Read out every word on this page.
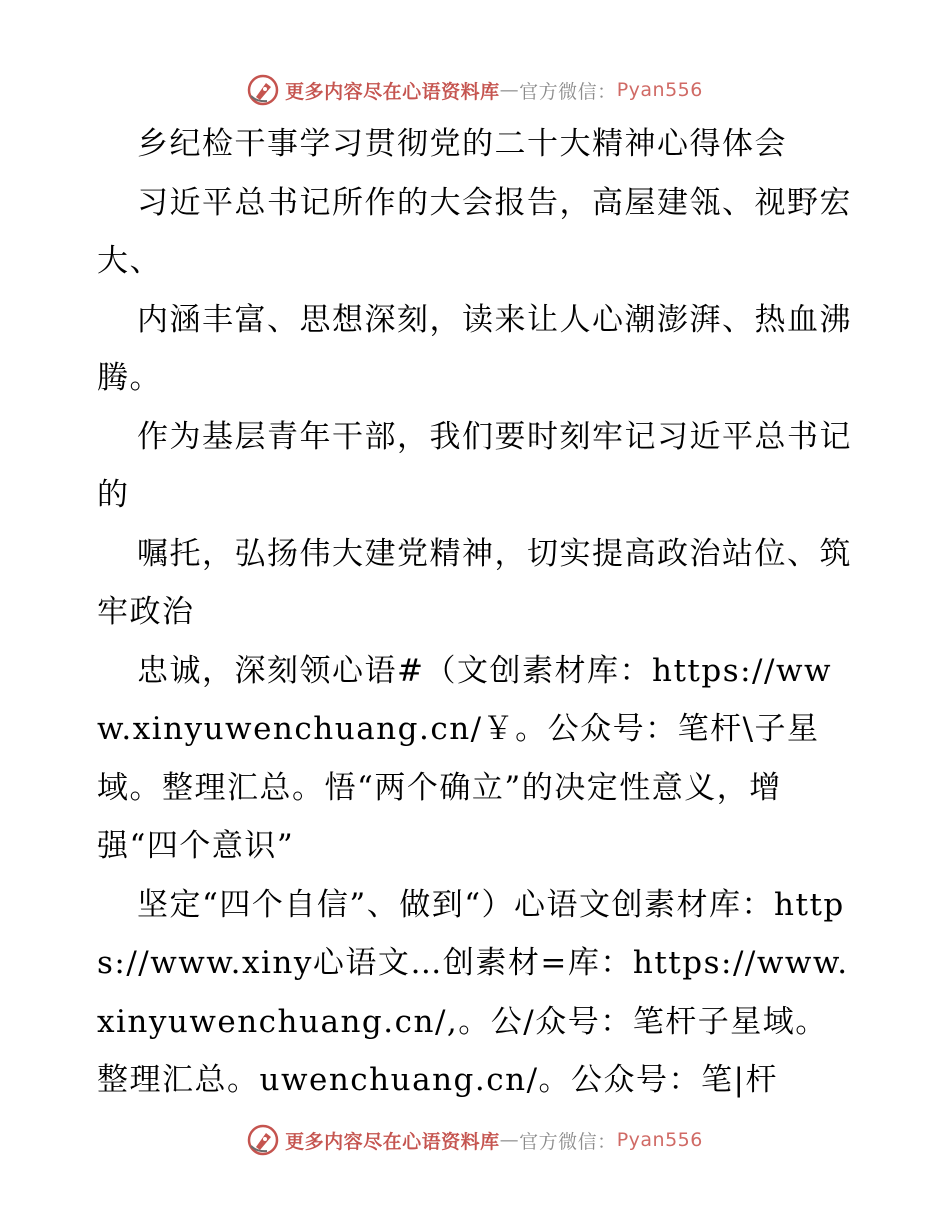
更多内容尽在心语资料库 — 官方微信： Pyan556

乡纪检干事学习贯彻党的二十大精神心得体会

习近平总书记所作的大会报告，高屋建瓴、视野宏大、

内涵丰富、思想深刻，读来让人心潮澎湃、热血沸腾。

作为基层青年干部，我们要时刻牢记习近平总书记的

嘱托，弘扬伟大建党精神，切实提高政治站位、筑牢政治

忠诚，深刻领心语#（文创素材库：https://www.xinyuwenchuang.cn/￥。公众号：笔杆\子星域。整理汇总。悟“两个确立”的决定性意义，增强“四个意识”

坚定“四个自信”、做到“）心语文创素材库：https://www.xiny心语文…创素材=库：https://www.xinyuwenchuang.cn/,。公/众号：笔杆子星域。整理汇总。uwenchuang.cn/。公众号：笔|杆

更多内容尽在心语资料库 — 官方微信： Pyan556
